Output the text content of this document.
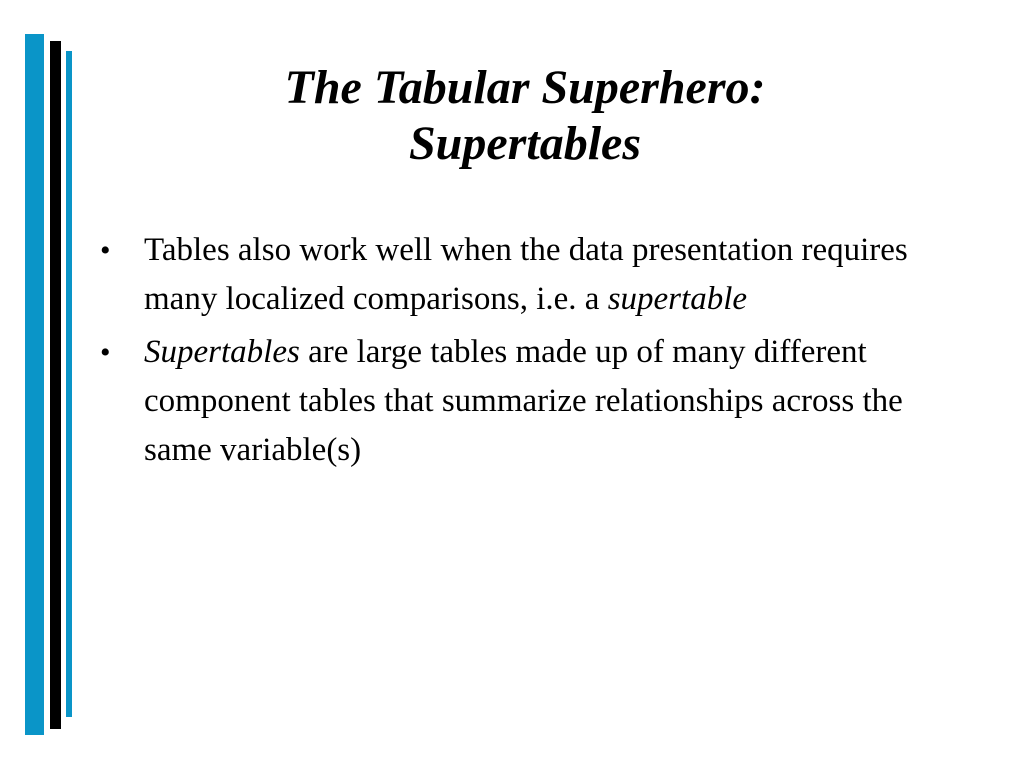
The Tabular Superhero:
Supertables
• Tables also work well when the data presentation requires many localized comparisons, i.e. a supertable
• Supertables are large tables made up of many different component tables that summarize relationships across the same variable(s)
